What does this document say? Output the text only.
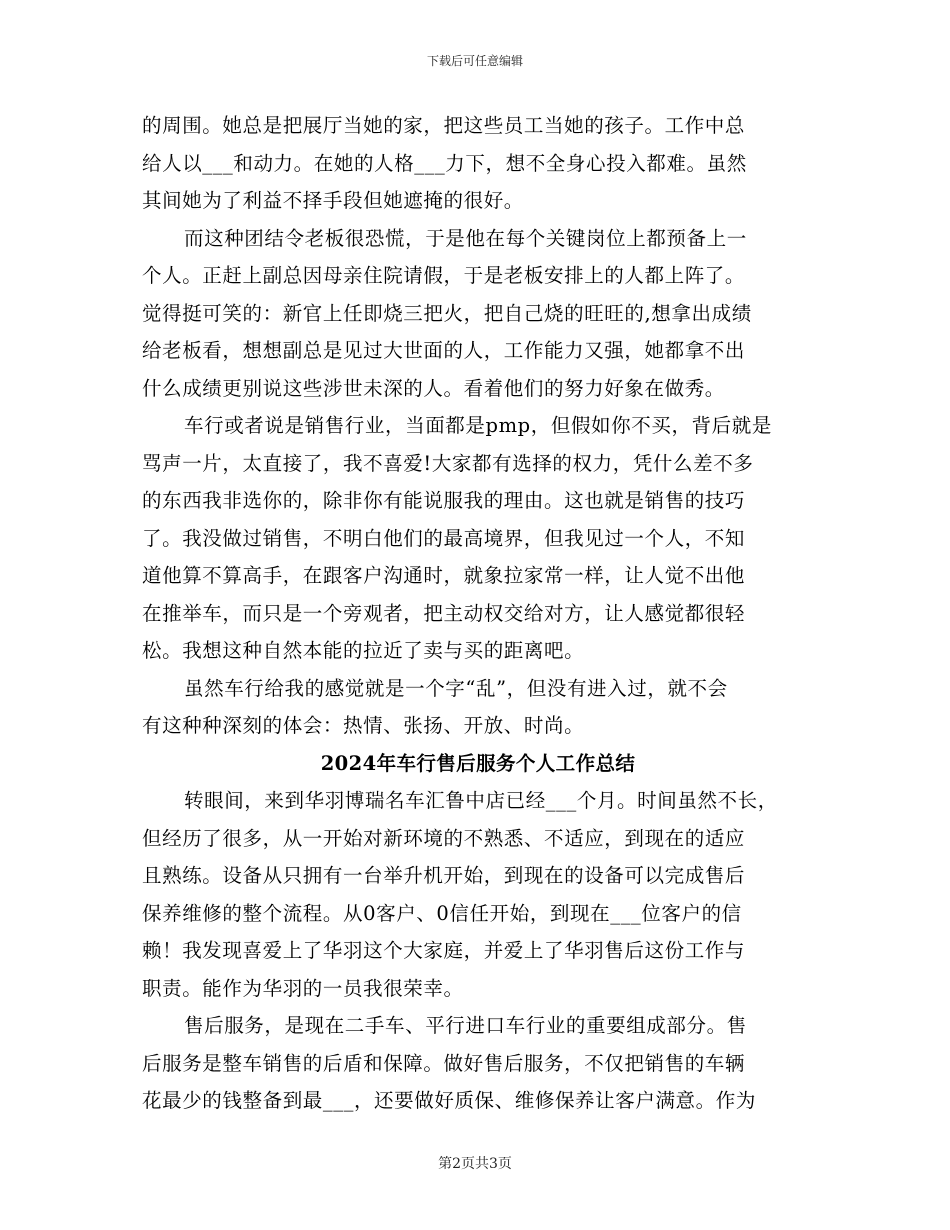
下载后可任意编辑
的周围。她总是把展厅当她的家，把这些员工当她的孩子。工作中总
给人以___和动力。在她的人格___力下，想不全身心投入都难。虽然
其间她为了利益不择手段但她遮掩的很好。
而这种团结令老板很恐慌，于是他在每个关键岗位上都预备上一
个人。正赶上副总因母亲住院请假，于是老板安排上的人都上阵了。
觉得挺可笑的：新官上任即烧三把火，把自己烧的旺旺的,想拿出成绩
给老板看，想想副总是见过大世面的人，工作能力又强，她都拿不出
什么成绩更别说这些涉世未深的人。看着他们的努力好象在做秀。
车行或者说是销售行业，当面都是pmp，但假如你不买，背后就是
骂声一片，太直接了，我不喜爱!大家都有选择的权力，凭什么差不多
的东西我非选你的，除非你有能说服我的理由。这也就是销售的技巧
了。我没做过销售，不明白他们的最高境界，但我见过一个人，不知
道他算不算高手，在跟客户沟通时，就象拉家常一样，让人觉不出他
在推举车，而只是一个旁观者，把主动权交给对方，让人感觉都很轻
松。我想这种自然本能的拉近了卖与买的距离吧。
虽然车行给我的感觉就是一个字“乱”，但没有进入过，就不会
有这种种深刻的体会：热情、张扬、开放、时尚。
2024年车行售后服务个人工作总结
转眼间，来到华羽博瑞名车汇鲁中店已经___个月。时间虽然不长，
但经历了很多，从一开始对新环境的不熟悉、不适应，到现在的适应
且熟练。设备从只拥有一台举升机开始，到现在的设备可以完成售后
保养维修的整个流程。从0客户、0信任开始，到现在___位客户的信
赖！我发现喜爱上了华羽这个大家庭，并爱上了华羽售后这份工作与
职责。能作为华羽的一员我很荣幸。
售后服务，是现在二手车、平行进口车行业的重要组成部分。售
后服务是整车销售的后盾和保障。做好售后服务，不仅把销售的车辆
花最少的钱整备到最___，还要做好质保、维修保养让客户满意。作为
第2页共3页
